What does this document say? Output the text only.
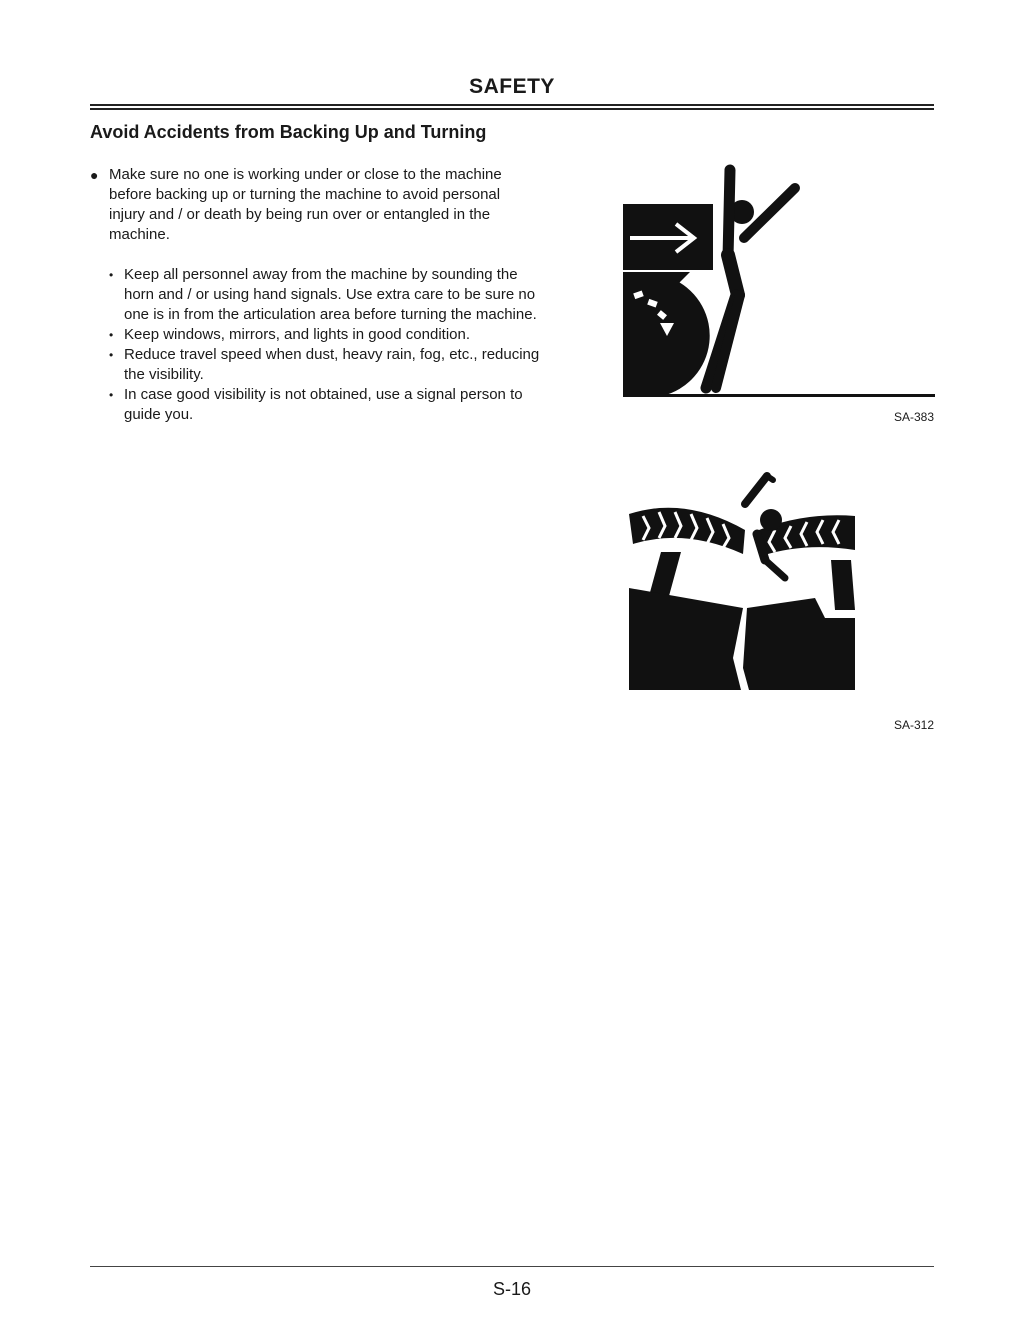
SAFETY
Avoid Accidents from Backing Up and Turning
● Make sure no one is working under or close to the machine before backing up or turning the machine to avoid personal injury and / or death by being run over or entangled in the machine.
• Keep all personnel away from the machine by sounding the horn and / or using hand signals. Use extra care to be sure no one is in from the articulation area before turning the machine.
• Keep windows, mirrors, and lights in good condition.
• Reduce travel speed when dust, heavy rain, fog, etc., reducing the visibility.
• In case good visibility is not obtained, use a signal person to guide you.	SA-383
SA-312
S-16
